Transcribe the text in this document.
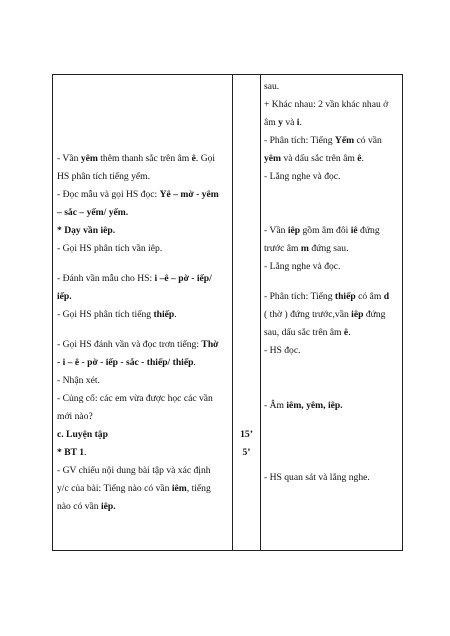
- Vần yêm thêm thanh sắc trên âm ê. Gọi
HS phân tích tiếng yếm.
- Đọc mẫu và gọi HS đọc: Yê – mờ - yêm
– sắc – yếm/ yếm.
* Dạy vần iêp.
- Gọi HS phân tích vần iêp.
- Đánh vần mẫu cho HS: i –ê – pờ - iếp/
iếp.
- Gọi HS phân tích tiếng thiếp.
- Gọi HS đánh vần và đọc trơn tiếng: Thờ
- i – ê - pờ - iếp - sắc - thiếp/ thiếp.
- Nhận xét.
- Củng cố: các em vừa được học các vần
mới nào?
c. Luyện tập
* BT 1.
- GV chiếu nội dung bài tập và xác định
y/c của bài: Tiếng nào có vần iêm, tiếng
nào có vần iêp.
15’
5’
sau.
+ Khác nhau: 2 vần khác nhau ở
âm y và i.
- Phân tích: Tiếng Yếm có vần
yêm và dấu sắc trên âm ê.
- Lắng nghe và đọc.
- Vần iêp gồm âm đôi iê đứng
trước âm m đứng sau.
- Lắng nghe và đọc.
- Phân tích: Tiếng thiếp có âm d
( thờ ) đứng trước,vần iêp đứng
sau, dấu sắc trên âm ê.
- HS đọc.
- Âm iêm, yêm, iêp.
- HS quan sát và lắng nghe.
